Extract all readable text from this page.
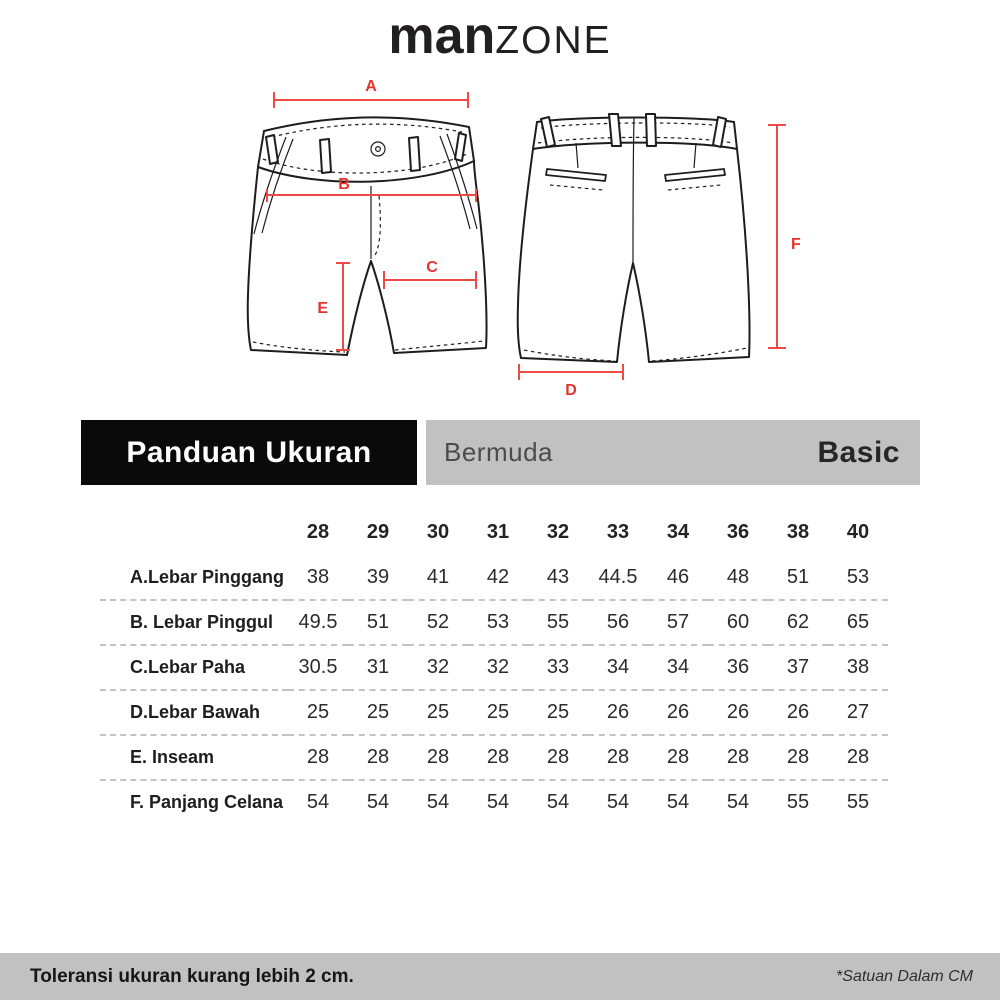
manZONE
A
B
C
E
F
D
Panduan Ukuran	Bermuda	Basic
	28	29	30	31	32	33	34	36	38	40
A.Lebar Pinggang	38	39	41	42	43	44.5	46	48	51	53
B. Lebar Pinggul	49.5	51	52	53	55	56	57	60	62	65
C.Lebar Paha	30.5	31	32	32	33	34	34	36	37	38
D.Lebar Bawah	25	25	25	25	25	26	26	26	26	27
E. Inseam	28	28	28	28	28	28	28	28	28	28
F. Panjang Celana	54	54	54	54	54	54	54	54	55	55
Toleransi ukuran kurang lebih 2 cm.	*Satuan Dalam CM
